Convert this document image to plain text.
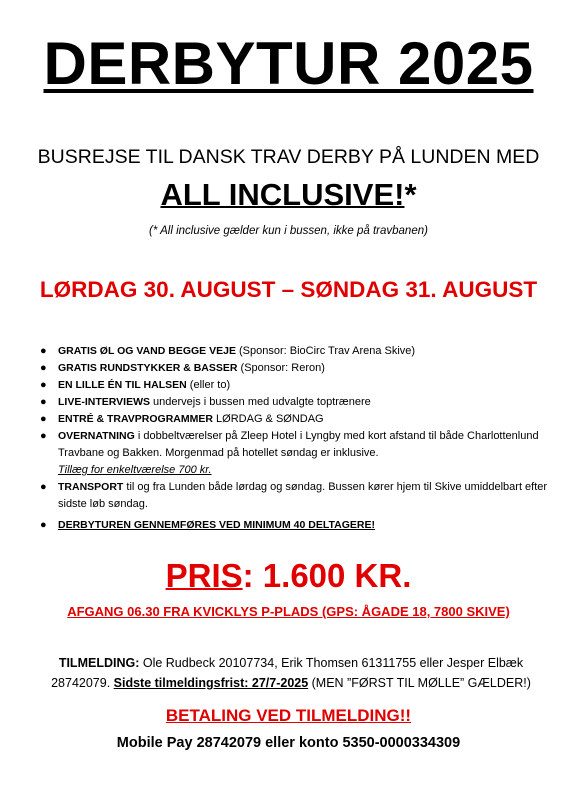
DERBYTUR 2025
BUSREJSE TIL DANSK TRAV DERBY PÅ LUNDEN MED
ALL INCLUSIVE!*
(* All inclusive gælder kun i bussen, ikke på travbanen)
LØRDAG 30. AUGUST – SØNDAG 31. AUGUST
● GRATIS ØL OG VAND BEGGE VEJE (Sponsor: BioCirc Trav Arena Skive)
● GRATIS RUNDSTYKKER & BASSER (Sponsor: Reron)
● EN LILLE ÉN TIL HALSEN (eller to)
● LIVE-INTERVIEWS undervejs i bussen med udvalgte toptrænere
● ENTRÉ & TRAVPROGRAMMER LØRDAG & SØNDAG
● OVERNATNING i dobbeltværelser på Zleep Hotel i Lyngby med kort afstand til både Charlottenlund Travbane og Bakken. Morgenmad på hotellet søndag er inklusive.
Tillæg for enkeltværelse 700 kr.
● TRANSPORT til og fra Lunden både lørdag og søndag. Bussen kører hjem til Skive umiddelbart efter sidste løb søndag.
● DERBYTUREN GENNEMFØRES VED MINIMUM 40 DELTAGERE!
PRIS: 1.600 KR.
AFGANG 06.30 FRA KVICKLYS P-PLADS (GPS: ÅGADE 18, 7800 SKIVE)
TILMELDING: Ole Rudbeck 20107734, Erik Thomsen 61311755 eller Jesper Elbæk 28742079. Sidste tilmeldingsfrist: 27/7-2025 (MEN ”FØRST TIL MØLLE” GÆLDER!)
BETALING VED TILMELDING!!
Mobile Pay 28742079 eller konto 5350-0000334309
